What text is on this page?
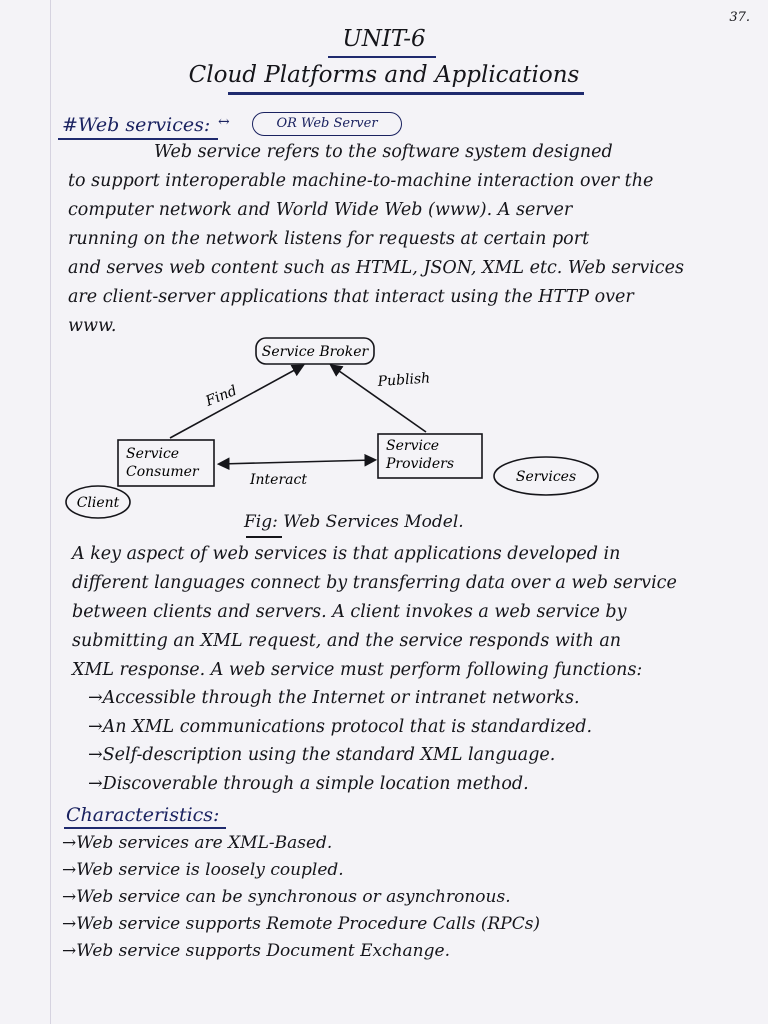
37.
UNIT-6
Cloud Platforms and Applications
#Web services: ↔	OR Web Server
Web service refers to the software system designed
to support interoperable machine-to-machine interaction over the
computer network and World Wide Web (www). A server
running on the network listens for requests at certain port
and serves web content such as HTML, JSON, XML etc. Web services
are client-server applications that interact using the HTTP over
www.
Service Broker
Service Consumer
Service Providers
Client
Services
Find
Publish
Interact
Fig: Web Services Model.
A key aspect of web services is that applications developed in
different languages connect by transferring data over a web service
between clients and servers. A client invokes a web service by
submitting an XML request, and the service responds with an
XML response. A web service must perform following functions:
→Accessible through the Internet or intranet networks.
→An XML communications protocol that is standardized.
→Self-description using the standard XML language.
→Discoverable through a simple location method.
Characteristics:
→Web services are XML-Based.
→Web service is loosely coupled.
→Web service can be synchronous or asynchronous.
→Web service supports Remote Procedure Calls (RPCs)
→Web service supports Document Exchange.
